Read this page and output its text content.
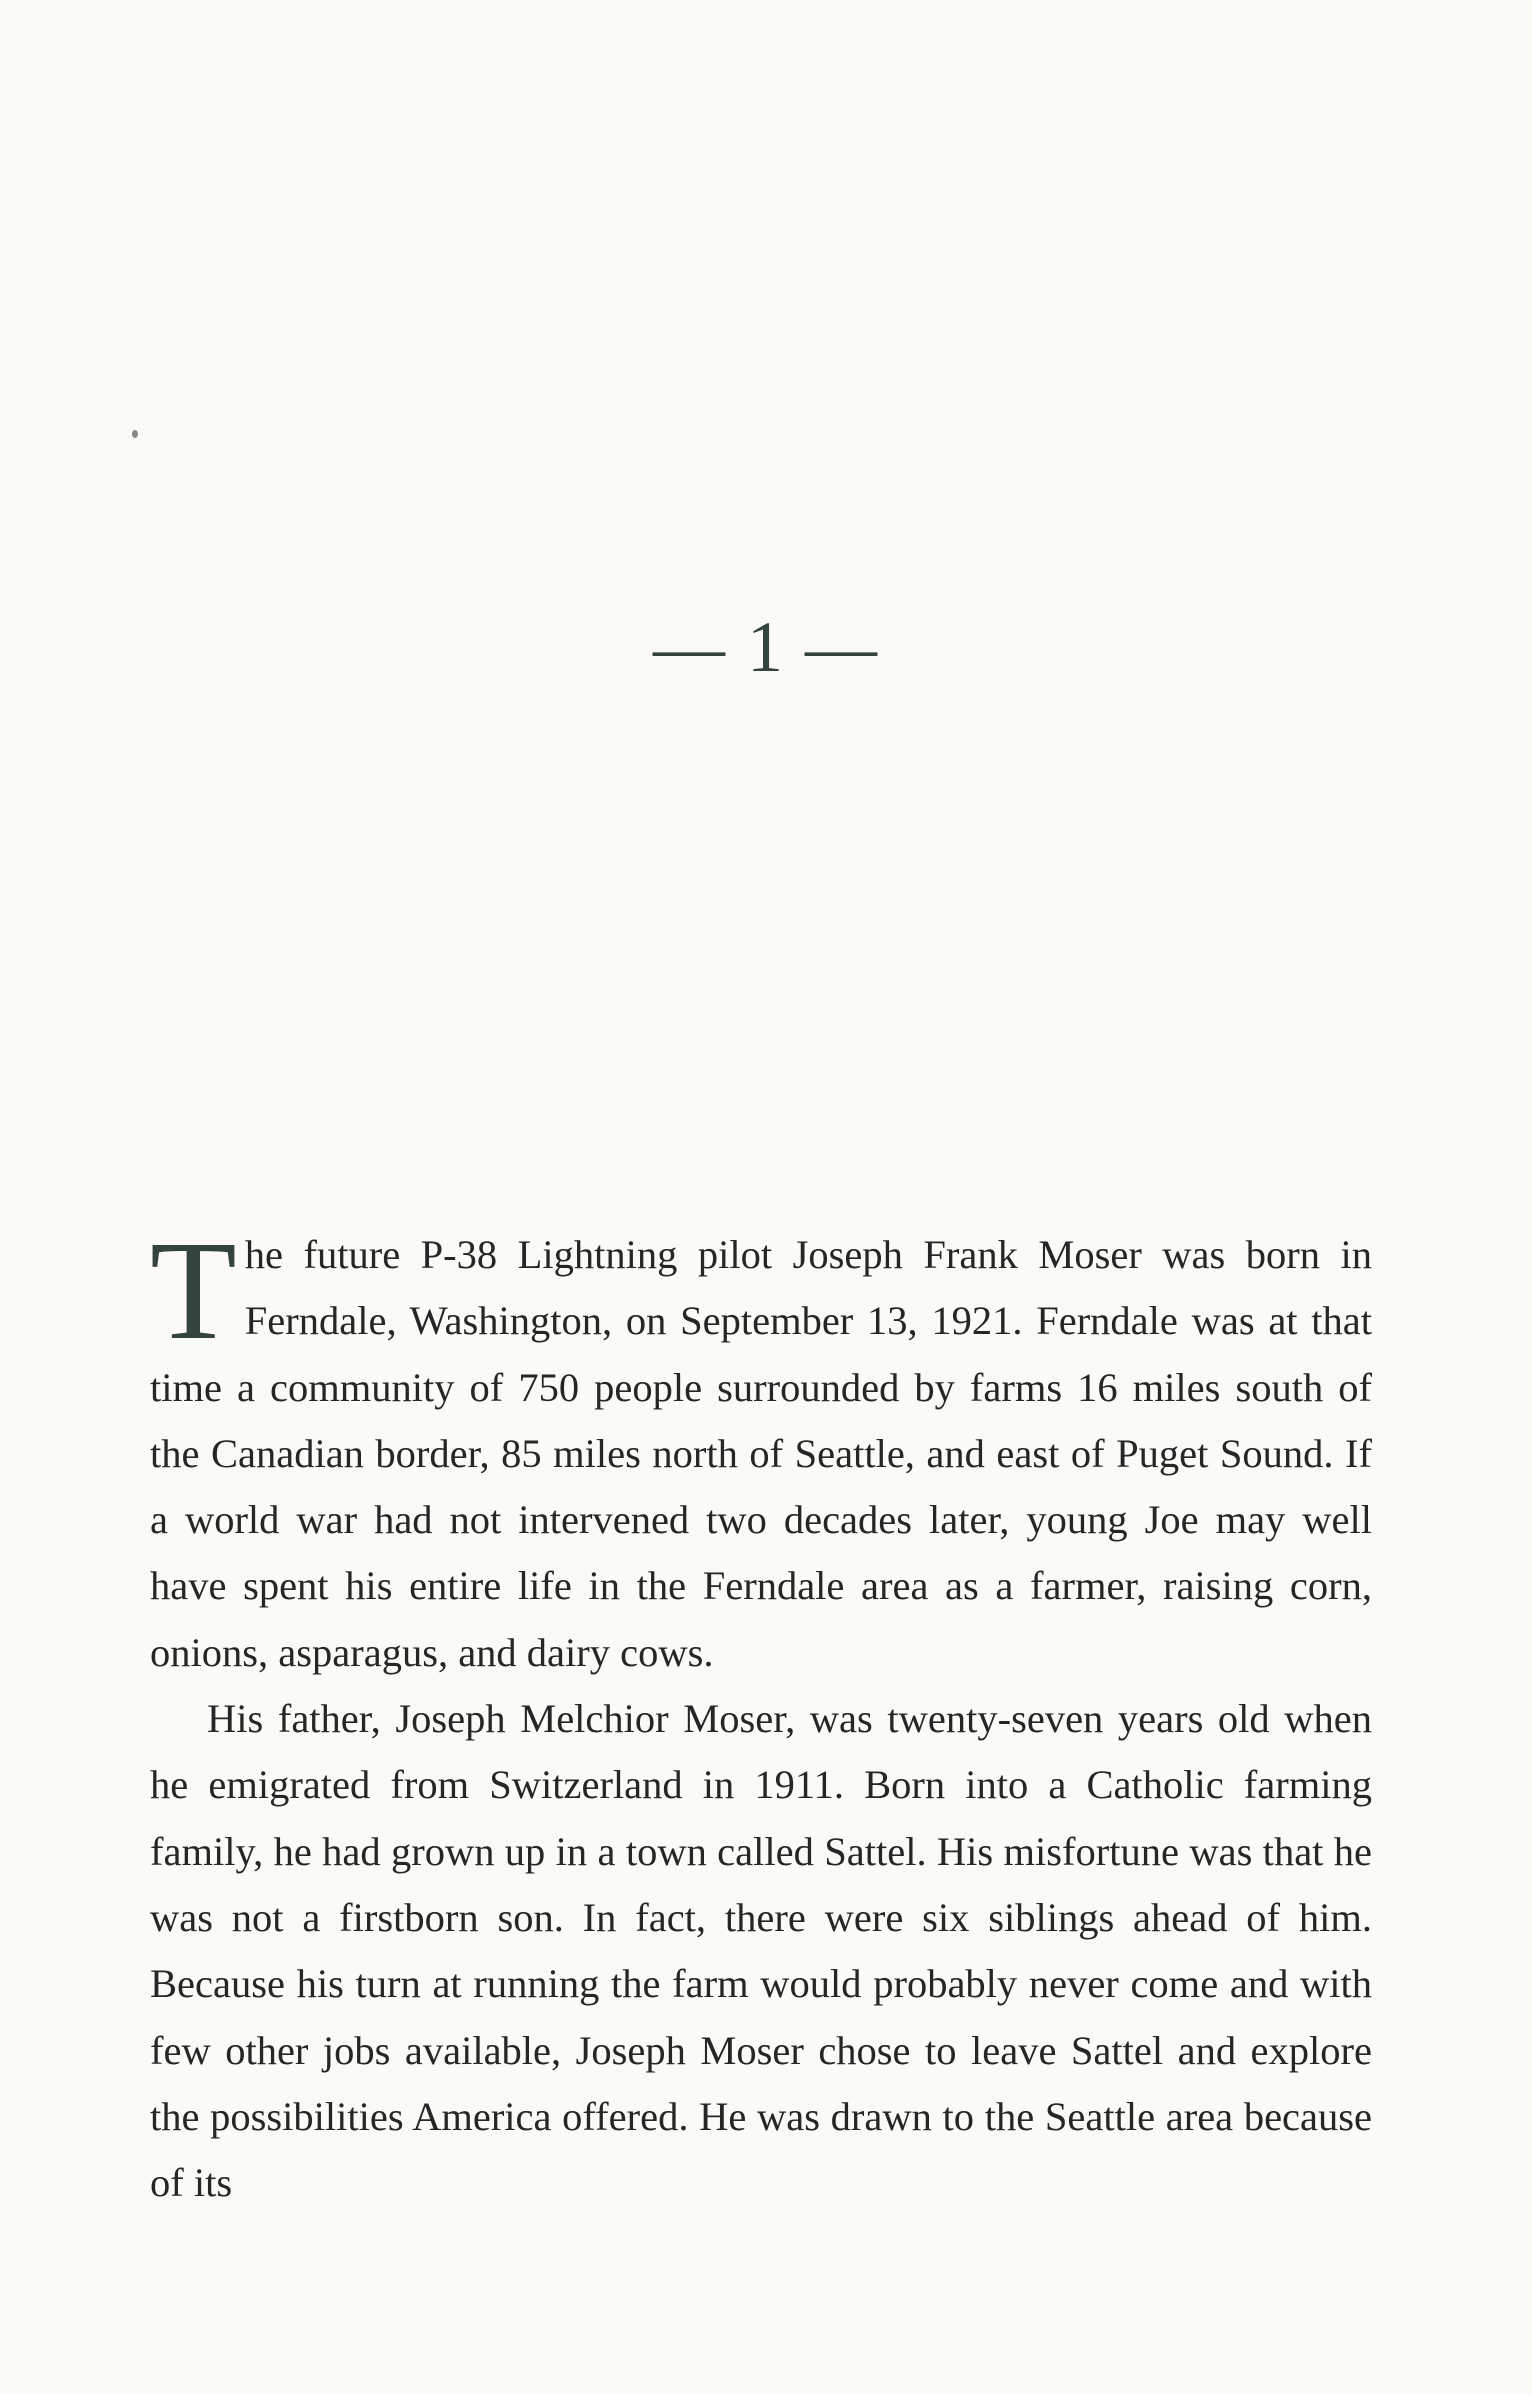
— 1 —

The future P-38 Lightning pilot Joseph Frank Moser was born in Ferndale, Washington, on September 13, 1921. Ferndale was at that time a community of 750 people surrounded by farms 16 miles south of the Canadian border, 85 miles north of Seattle, and east of Puget Sound. If a world war had not intervened two decades later, young Joe may well have spent his entire life in the Ferndale area as a farmer, raising corn, onions, asparagus, and dairy cows.

His father, Joseph Melchior Moser, was twenty-seven years old when he emigrated from Switzerland in 1911. Born into a Catholic farming family, he had grown up in a town called Sattel. His misfortune was that he was not a firstborn son. In fact, there were six siblings ahead of him. Because his turn at running the farm would probably never come and with few other jobs available, Joseph Moser chose to leave Sattel and explore the possibilities America offered. He was drawn to the Seattle area because of its
